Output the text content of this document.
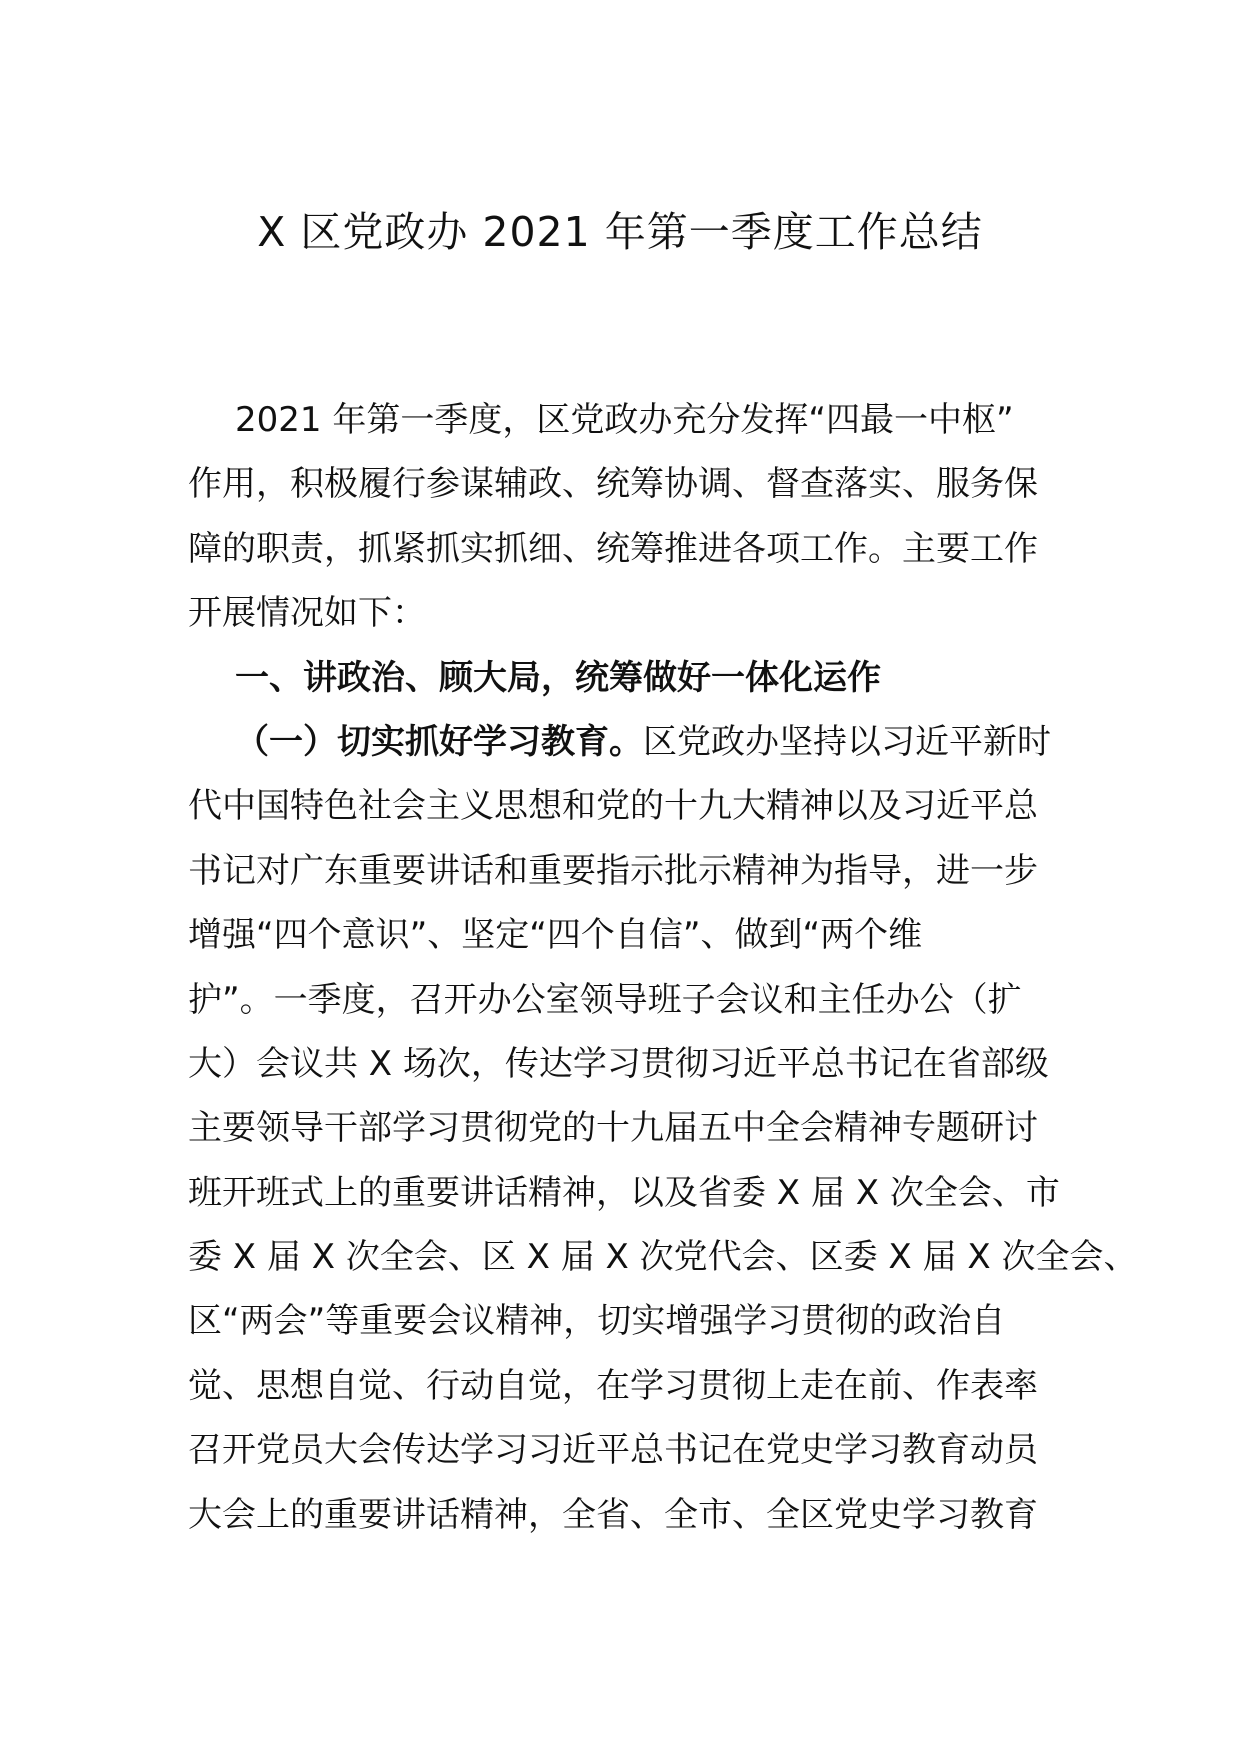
X 区党政办 2021 年第一季度工作总结
2021 年第一季度，区党政办充分发挥“四最一中枢”
作用，积极履行参谋辅政、统筹协调、督查落实、服务保
障的职责，抓紧抓实抓细、统筹推进各项工作。主要工作
开展情况如下：
一、讲政治、顾大局，统筹做好一体化运作
（一）切实抓好学习教育。区党政办坚持以习近平新时
代中国特色社会主义思想和党的十九大精神以及习近平总
书记对广东重要讲话和重要指示批示精神为指导，进一步
增强“四个意识”、坚定“四个自信”、做到“两个维
护”。一季度，召开办公室领导班子会议和主任办公（扩
大）会议共 X 场次，传达学习贯彻习近平总书记在省部级
主要领导干部学习贯彻党的十九届五中全会精神专题研讨
班开班式上的重要讲话精神，以及省委 X 届 X 次全会、市
委 X 届 X 次全会、区 X 届 X 次党代会、区委 X 届 X 次全会、
区“两会”等重要会议精神，切实增强学习贯彻的政治自
觉、思想自觉、行动自觉，在学习贯彻上走在前、作表率
召开党员大会传达学习习近平总书记在党史学习教育动员
大会上的重要讲话精神，全省、全市、全区党史学习教育
